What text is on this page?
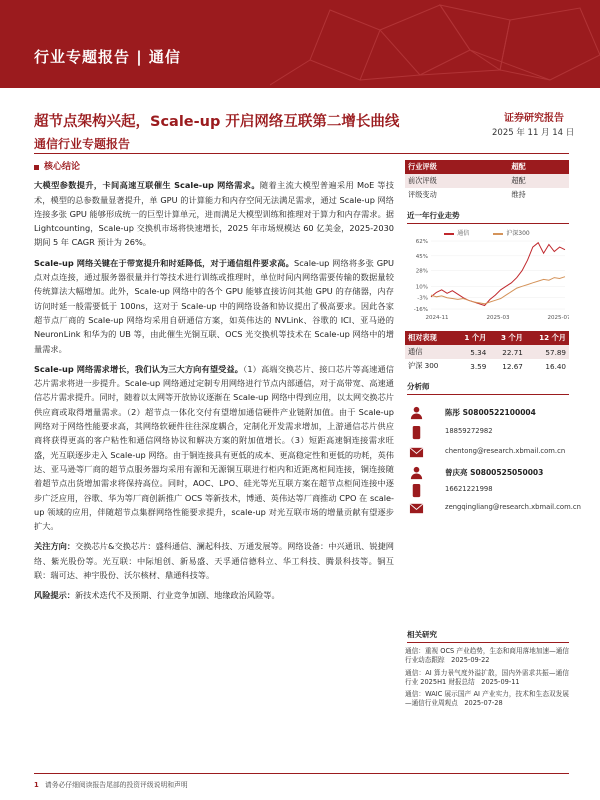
行业专题报告 | 通信
超节点架构兴起，Scale-up 开启网络互联第二增长曲线
通信行业专题报告
证券研究报告
2025 年 11 月 14 日
核心结论

大模型参数提升，卡间高速互联催生 Scale-up 网络需求。随着主流大模型普遍采用 MoE 等技术，模型的总参数量显著提升，单 GPU 的计算能力和内存空间无法满足需求，通过 Scale-up 网络连接多张 GPU 能够形成统一的巨型计算单元，进而满足大模型训练和推理对于算力和内存需求。据 Lightcounting，Scale-up 交换机市场将快速增长，2025 年市场规模达 60 亿美金，2025-2030 期间 5 年 CAGR 预计为 26%。

Scale-up 网络关键在于带宽提升和时延降低，对于通信组件要求高。Scale-up 网络将多张 GPU 点对点连接，通过服务器很量并行等技术进行训练或推理时，单位时间内网络需要传输的数据量较传统算法大幅增加。此外，Scale-up 网络中的各个 GPU 能够直接访问其他 GPU 的存储器，内存访问时延一般需要低于 100ns，这对于 Scale-up 中的网络设备和协议提出了极高要求。因此各家超节点厂商的 Scale-up 网络均采用自研通信方案，如英伟达的 NVLink、谷歌的 ICI、亚马逊的 NeuronLink 和华为的 UB 等，由此催生光铜互联、OCS 光交换机等技术在 Scale-up 网络中的增量需求。

Scale-up 网络需求增长，我们认为三大方向有望受益。（1）高端交换芯片、接口芯片等高速通信芯片需求将进一步提升。Scale-up 网络通过定制专用网络进行节点内部通信，对于高带宽、高速通信芯片需求提升。同时，随着以太网等开放协议逐渐在 Scale-up 网络中得到应用，以太网交换芯片供应商或取得增量需求。（2）超节点一体化交付有望增加通信硬件产业链附加值。由于 Scale-up 网络对于网络性能要求高，其网络软硬件往往深度耦合，定制化开发需求增加，上游通信芯片供应商将获得更高的客户粘性和通信网络协议和解决方案的附加值增长。（3）短距高速铜连接需求旺盛，光互联逐步走入 Scale-up 网络。由于铜连接具有更低的成本、更高稳定性和更低的功耗，英伟达、亚马逊等厂商的超节点服务器均采用有源和无源铜互联进行柜内和近距离柜间连接，铜连接随着超节点出货增加需求将保持高位。同时，AOC、LPO、硅光等光互联方案在超节点柜间连接中逐步广泛应用，谷歌、华为等厂商创新推广 OCS 等新技术，博通、英伟达等厂商推动 CPO 在 scale-up 领域的应用，伴随超节点集群网络性能要求提升，scale-up 对光互联市场的增量贡献有望逐步扩大。

关注方向：交换芯片&交换芯片：盛科通信、澜起科技、万通发展等。网络设备：中兴通讯、锐捷网络、紫光股份等。光互联：中际旭创、新易盛、天孚通信德科立、华工科技、腾景科技等。铜互联：瑞可达、神宇股份、沃尔核材、鼎通科技等。

风险提示：新技术迭代不及预期、行业竞争加剧、地缘政治风险等。

行业评级	超配
前次评级	超配
评级变动	维持
近一年行业走势
通信	沪深300
62%
45%
28%
10%
-3%
-16%
2024-11	2025-03	2025-07
相对表现	1 个月	3 个月	12 个月
通信	5.34	22.71	57.89
沪深 300	3.59	12.67	16.40
分析师
陈彤 S0800522100004
18859272982
chentong@research.xbmail.com.cn
曾庆亮 S0800525050003
16621221998
zengqingliang@research.xbmail.com.cn
相关研究

通信：重视 OCS 产业趋势，生态和商用落地加速—通信行业动态跟踪　2025-09-22

通信：AI 算力景气度外溢扩散，国内外需求共振—通信行业 2025H1 财报总结　2025-09-11

通信：WAIC 展示国产 AI 产业实力，技术和生态双发展—通信行业周观点　2025-07-28

1 请务必仔细阅读报告尾部的投资评级说明和声明
